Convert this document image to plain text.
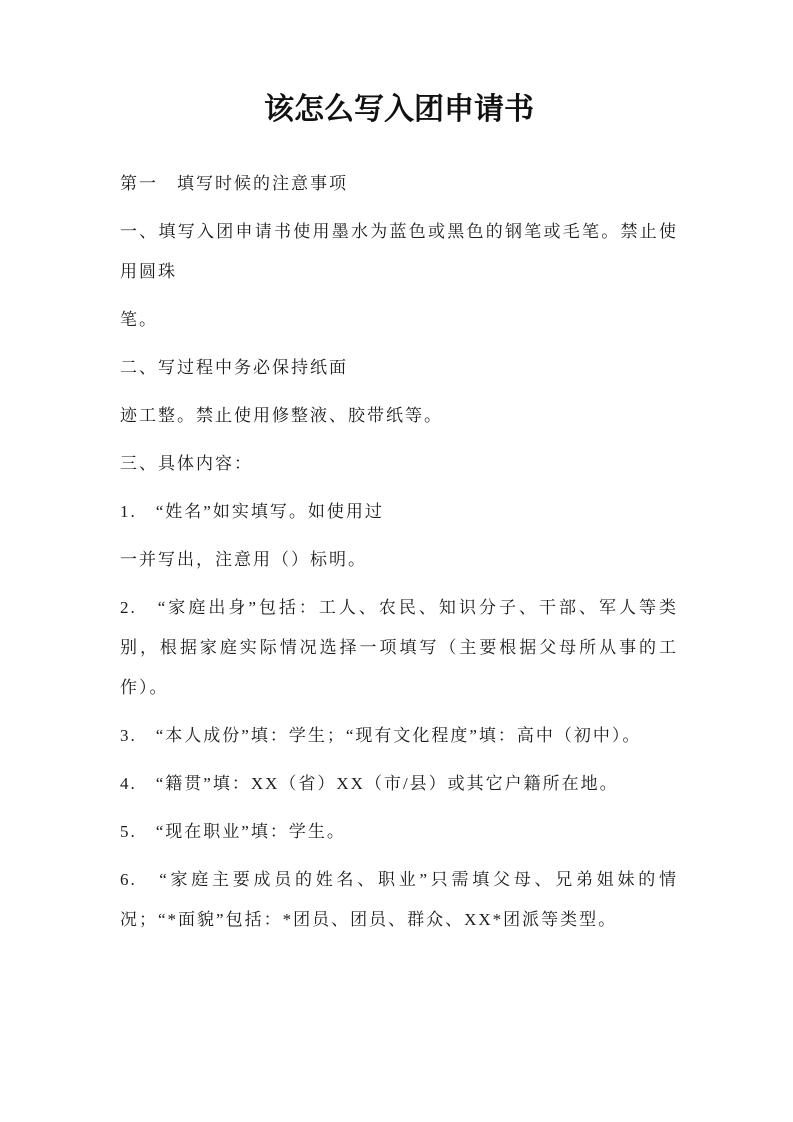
该怎么写入团申请书

第一　填写时候的注意事项

一、填写入团申请书使用墨水为蓝色或黑色的钢笔或毛笔。禁止使用圆珠

笔。

二、写过程中务必保持纸面

迹工整。禁止使用修整液、胶带纸等。

三、具体内容：

1.　“姓名”如实填写。如使用过

一并写出，注意用（）标明。

2.　“家庭出身”包括：工人、农民、知识分子、干部、军人等类别，根据家庭实际情况选择一项填写（主要根据父母所从事的工作）。

3.　“本人成份”填：学生；“现有文化程度”填：高中（初中）。

4.　“籍贯”填：XX（省）XX（市/县）或其它户籍所在地。

5.　“现在职业”填：学生。

6.　“家庭主要成员的姓名、职业”只需填父母、兄弟姐妹的情况；“*面貌”包括：*团员、团员、群众、XX*团派等类型。
